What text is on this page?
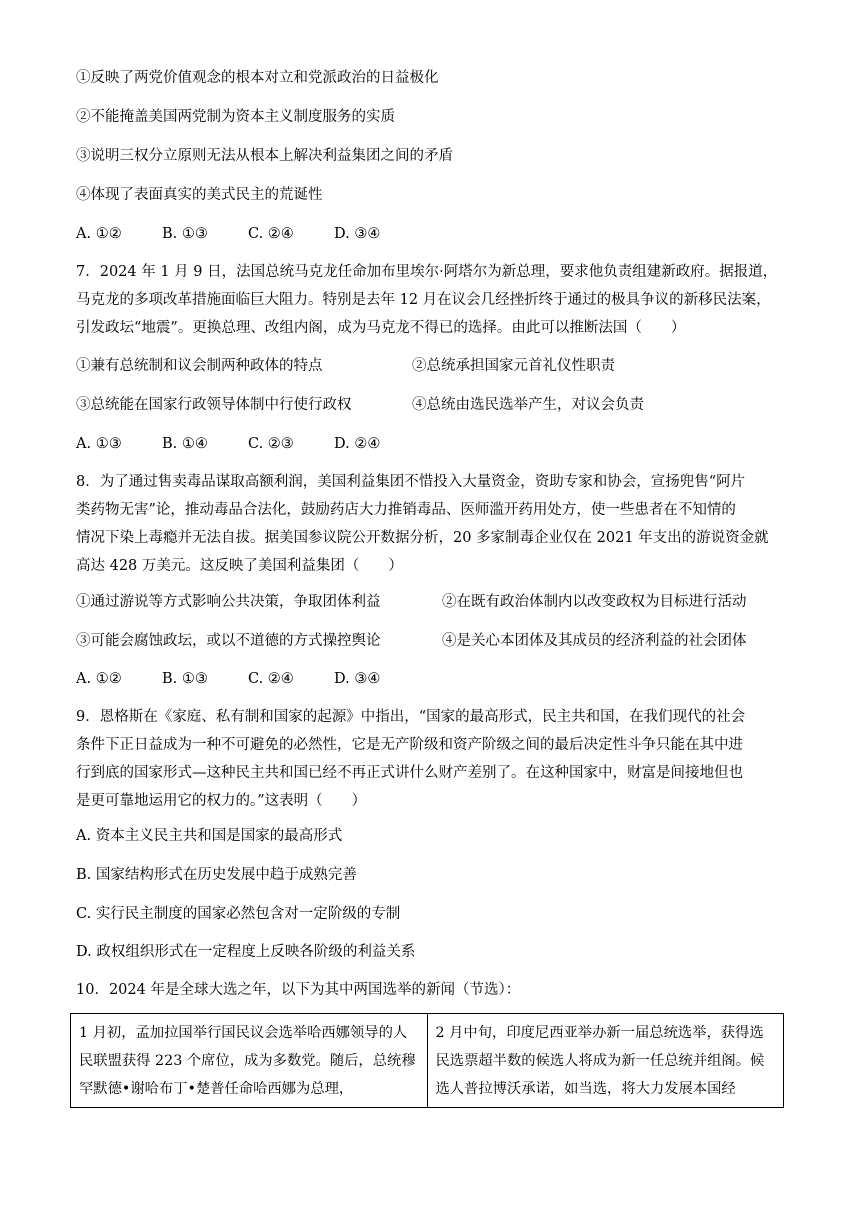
①反映了两党价值观念的根本对立和党派政治的日益极化
②不能掩盖美国两党制为资本主义制度服务的实质
③说明三权分立原则无法从根本上解决利益集团之间的矛盾
④体现了表面真实的美式民主的荒诞性
A. ①②	B. ①③	C. ②④	D. ③④
7．2024 年 1 月 9 日，法国总统马克龙任命加布里埃尔·阿塔尔为新总理，要求他负责组建新政府。据报道，
马克龙的多项改革措施面临巨大阻力。特别是去年 12 月在议会几经挫折终于通过的极具争议的新移民法案，
引发政坛“地震”。更换总理、改组内阁，成为马克龙不得已的选择。由此可以推断法国（　　）
①兼有总统制和议会制两种政体的特点	②总统承担国家元首礼仪性职责
③总统能在国家行政领导体制中行使行政权	④总统由选民选举产生，对议会负责
A. ①③	B. ①④	C. ②③	D. ②④
8．为了通过售卖毒品谋取高额利润，美国利益集团不惜投入大量资金，资助专家和协会，宣扬兜售“阿片
类药物无害”论，推动毒品合法化，鼓励药店大力推销毒品、医师滥开药用处方，使一些患者在不知情的
情况下染上毒瘾并无法自拔。据美国参议院公开数据分析，20 多家制毒企业仅在 2021 年支出的游说资金就
高达 428 万美元。这反映了美国利益集团（　　）
①通过游说等方式影响公共决策，争取团体利益	②在既有政治体制内以改变政权为目标进行活动
③可能会腐蚀政坛，或以不道德的方式操控舆论	④是关心本团体及其成员的经济利益的社会团体
A. ①②	B. ①③	C. ②④	D. ③④
9．恩格斯在《家庭、私有制和国家的起源》中指出，“国家的最高形式，民主共和国，在我们现代的社会
条件下正日益成为一种不可避免的必然性，它是无产阶级和资产阶级之间的最后决定性斗争只能在其中进
行到底的国家形式—这种民主共和国已经不再正式讲什么财产差别了。在这种国家中，财富是间接地但也
是更可靠地运用它的权力的。”这表明（　　）
A. 资本主义民主共和国是国家的最高形式
B. 国家结构形式在历史发展中趋于成熟完善
C. 实行民主制度的国家必然包含对一定阶级的专制
D. 政权组织形式在一定程度上反映各阶级的利益关系
10．2024 年是全球大选之年，以下为其中两国选举的新闻（节选）：
1 月初，孟加拉国举行国民议会选举哈西娜领导的人民联盟获得 223 个席位，成为多数党。随后，总统穆罕默德•谢哈布丁•楚普任命哈西娜为总理，	2 月中旬，印度尼西亚举办新一届总统选举，获得选民选票超半数的候选人将成为新一任总统并组阁。候选人普拉博沃承诺，如当选，将大力发展本国经
